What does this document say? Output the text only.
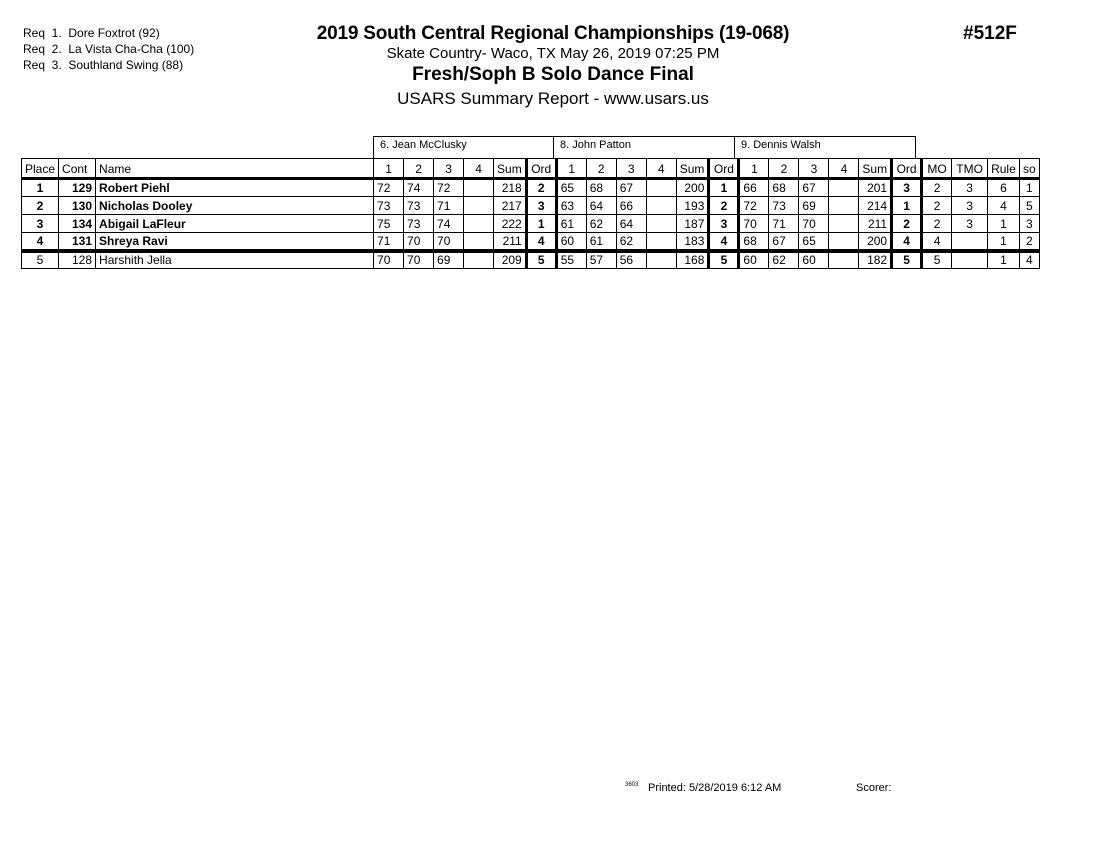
Req  1.  Dore Foxtrot (92)
Req  2.  La Vista Cha-Cha (100)
Req  3.  Southland Swing (88)
2019 South Central Regional Championships (19-068)
Skate Country- Waco, TX May 26, 2019 07:25 PM
Fresh/Soph B Solo Dance Final
USARS Summary Report - www.usars.us
#512F
6. Jean McClusky	8. John Patton	9. Dennis Walsh
Place	Cont	Name	1	2	3	4	Sum	Ord	1	2	3	4	Sum	Ord	1	2	3	4	Sum	Ord	MO	TMO	Rule	so
1	129	Robert Piehl	72	74	72		218	2	65	68	67		200	1	66	68	67		201	3	2	3	6	1
2	130	Nicholas Dooley	73	73	71		217	3	63	64	66		193	2	72	73	69		214	1	2	3	4	5
3	134	Abigail LaFleur	75	73	74		222	1	61	62	64		187	3	70	71	70		211	2	2	3	1	3
4	131	Shreya Ravi	71	70	70		211	4	60	61	62		183	4	68	67	65		200	4	4		1	2
5	128	Harshith Jella	70	70	69		209	5	55	57	56		168	5	60	62	60		182	5	5		1	4
3603 Printed: 5/28/2019 6:12 AM	Scorer:
